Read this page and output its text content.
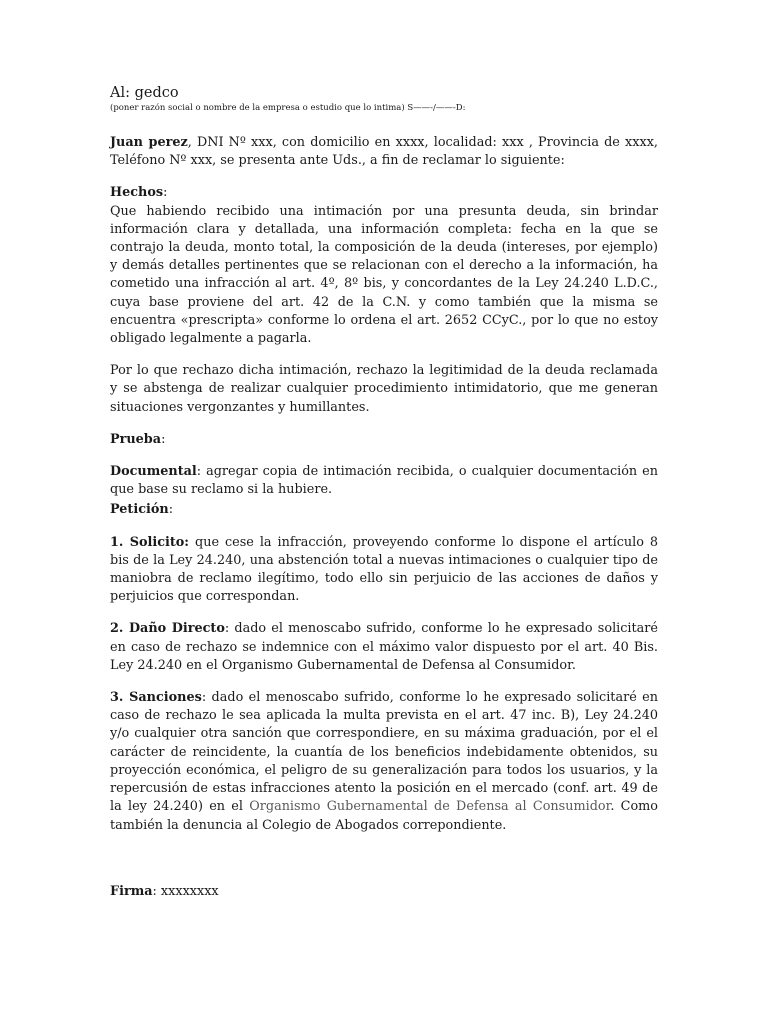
Al: gedco
(poner razón social o nombre de la empresa o estudio que lo intima) S——-/——-D:

Juan perez, DNI Nº xxx, con domicilio en xxxx, localidad: xxx , Provincia de xxxx, Teléfono Nº xxx, se presenta ante Uds., a fin de reclamar lo siguiente:

Hechos:

Que habiendo recibido una intimación por una presunta deuda, sin brindar información clara y detallada, una información completa: fecha en la que se contrajo la deuda, monto total, la composición de la deuda (intereses, por ejemplo) y demás detalles pertinentes que se relacionan con el derecho a la información, ha cometido una infracción al art. 4º, 8º bis, y concordantes de la Ley 24.240 L.D.C., cuya base proviene del art. 42 de la C.N. y como también que la misma se encuentra «prescripta» conforme lo ordena el art. 2652 CCyC., por lo que no estoy obligado legalmente a pagarla.

Por lo que rechazo dicha intimación, rechazo la legitimidad de la deuda reclamada y se abstenga de realizar cualquier procedimiento intimidatorio, que me generan situaciones vergonzantes y humillantes.

Prueba:

Documental: agregar copia de intimación recibida, o cualquier documentación en que base su reclamo si la hubiere.

Petición:

1. Solicito: que cese la infracción, proveyendo conforme lo dispone el artículo 8 bis de la Ley 24.240, una abstención total a nuevas intimaciones o cualquier tipo de maniobra de reclamo ilegítimo, todo ello sin perjuicio de las acciones de daños y perjuicios que correspondan.

2. Daño Directo: dado el menoscabo sufrido, conforme lo he expresado solicitaré en caso de rechazo se indemnice con el máximo valor dispuesto por el art. 40 Bis. Ley 24.240 en el Organismo Gubernamental de Defensa al Consumidor.

3. Sanciones: dado el menoscabo sufrido, conforme lo he expresado solicitaré en caso de rechazo le sea aplicada la multa prevista en el art. 47 inc. B), Ley 24.240 y/o cualquier otra sanción que correspondiere, en su máxima graduación, por el el carácter de reincidente, la cuantía de los beneficios indebidamente obtenidos, su proyección económica, el peligro de su generalización para todos los usuarios, y la repercusión de estas infracciones atento la posición en el mercado (conf. art. 49 de la ley 24.240) en el Organismo Gubernamental de Defensa al Consumidor. Como también la denuncia al Colegio de Abogados correpondiente.

Firma: xxxxxxxx
